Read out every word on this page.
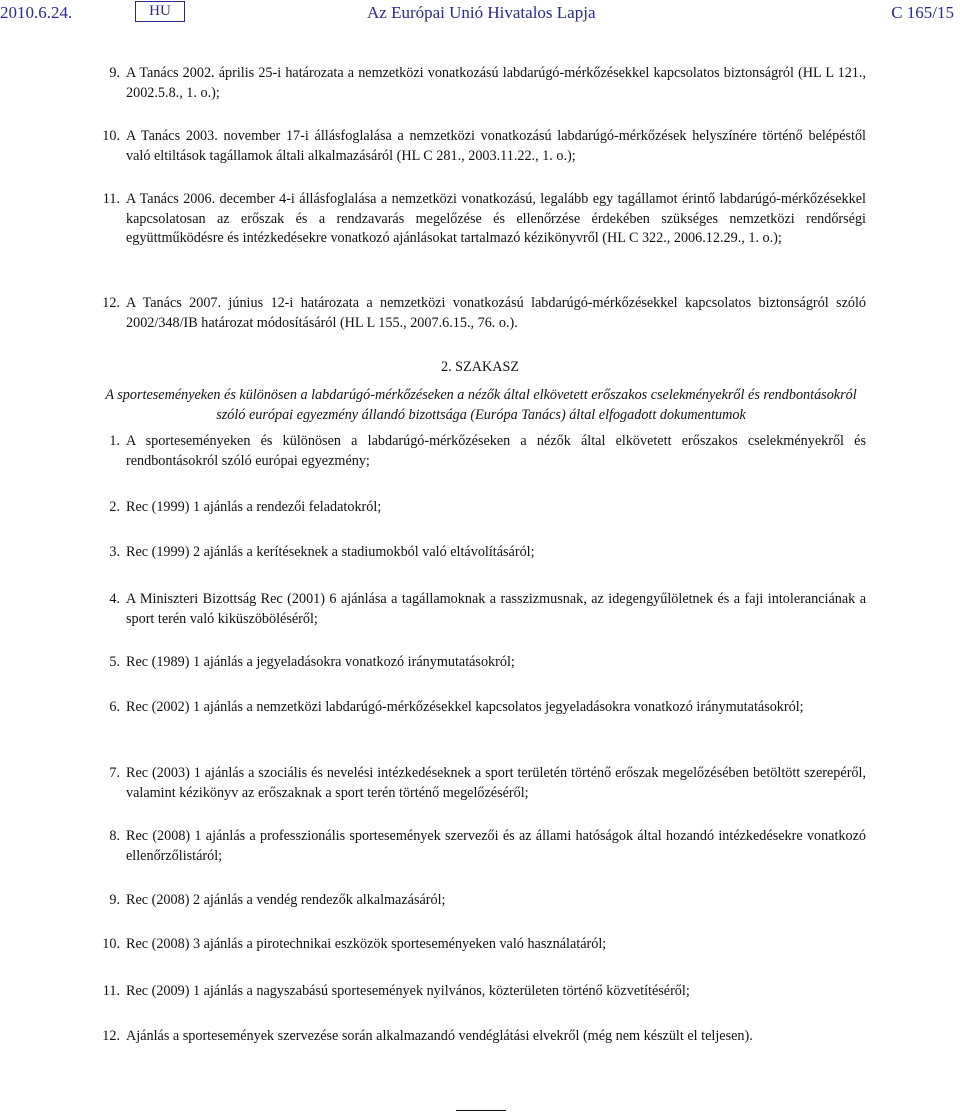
2010.6.24.	HU	Az Európai Unió Hivatalos Lapja	C 165/15
9. A Tanács 2002. április 25-i határozata a nemzetközi vonatkozású labdarúgó-mérkőzésekkel kapcsolatos biztonságról (HL L 121., 2002.5.8., 1. o.);
10. A Tanács 2003. november 17-i állásfoglalása a nemzetközi vonatkozású labdarúgó-mérkőzések helyszínére történő belépéstől való eltiltások tagállamok általi alkalmazásáról (HL C 281., 2003.11.22., 1. o.);
11. A Tanács 2006. december 4-i állásfoglalása a nemzetközi vonatkozású, legalább egy tagállamot érintő labdarúgó-mérkőzésekkel kapcsolatosan az erőszak és a rendzavarás megelőzése és ellenőrzése érdekében szükséges nemzetközi rendőrségi együttműködésre és intézkedésekre vonatkozó ajánlásokat tartalmazó kézikönyvről (HL C 322., 2006.12.29., 1. o.);
12. A Tanács 2007. június 12-i határozata a nemzetközi vonatkozású labdarúgó-mérkőzésekkel kapcsolatos biztonságról szóló 2002/348/IB határozat módosításáról (HL L 155., 2007.6.15., 76. o.).
2. SZAKASZ
A sporteseményeken és különösen a labdarúgó-mérkőzéseken a nézők által elkövetett erőszakos cselekményekről és rendbontásokról szóló európai egyezmény állandó bizottsága (Európa Tanács) által elfogadott dokumentumok
1. A sporteseményeken és különösen a labdarúgó-mérkőzéseken a nézők által elkövetett erőszakos cselekményekről és rendbontásokról szóló európai egyezmény;
2. Rec (1999) 1 ajánlás a rendezői feladatokról;
3. Rec (1999) 2 ajánlás a kerítéseknek a stadiumokból való eltávolításáról;
4. A Miniszteri Bizottság Rec (2001) 6 ajánlása a tagállamoknak a rasszizmusnak, az idegengyűlöletnek és a faji intoleranciának a sport terén való kiküszöböléséről;
5. Rec (1989) 1 ajánlás a jegyeladásokra vonatkozó iránymutatásokról;
6. Rec (2002) 1 ajánlás a nemzetközi labdarúgó-mérkőzésekkel kapcsolatos jegyeladásokra vonatkozó iránymutatásokról;
7. Rec (2003) 1 ajánlás a szociális és nevelési intézkedéseknek a sport területén történő erőszak megelőzésében betöltött szerepéről, valamint kézikönyv az erőszaknak a sport terén történő megelőzéséről;
8. Rec (2008) 1 ajánlás a professzionális sportesemények szervezői és az állami hatóságok által hozandó intézkedésekre vonatkozó ellenőrzőlistáról;
9. Rec (2008) 2 ajánlás a vendég rendezők alkalmazásáról;
10. Rec (2008) 3 ajánlás a pirotechnikai eszközök sporteseményeken való használatáról;
11. Rec (2009) 1 ajánlás a nagyszabású sportesemények nyilvános, közterületen történő közvetítéséről;
12. Ajánlás a sportesemények szervezése során alkalmazandó vendéglátási elvekről (még nem készült el teljesen).
